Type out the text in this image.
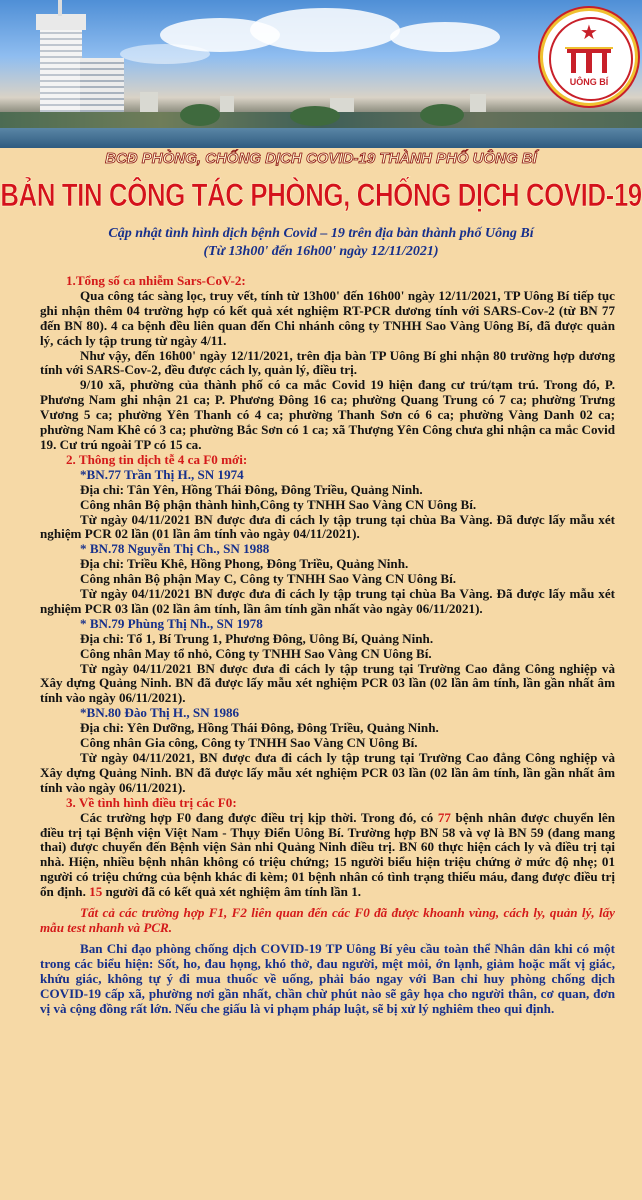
★
UÔNG BÍ
BCĐ PHÒNG, CHỐNG DỊCH COVID-19 THÀNH PHỐ UÔNG BÍ
BẢN TIN CÔNG TÁC PHÒNG, CHỐNG DỊCH COVID-19
Cập nhật tình hình dịch bệnh Covid – 19 trên địa bàn thành phố Uông Bí
(Từ 13h00' đến 16h00' ngày 12/11/2021)

1.Tổng số ca nhiễm Sars-CoV-2:

Qua công tác sàng lọc, truy vết, tính từ 13h00' đến 16h00' ngày 12/11/2021, TP Uông Bí tiếp tục ghi nhận thêm 04 trường hợp có kết quả xét nghiệm RT-PCR dương tính với SARS-Cov-2 (từ BN 77 đến BN 80). 4 ca bệnh đều liên quan đến Chi nhánh công ty TNHH Sao Vàng Uông Bí, đã được quản lý, cách ly tập trung từ ngày 4/11.

Như vậy, đến 16h00' ngày 12/11/2021, trên địa bàn TP Uông Bí ghi nhận 80 trường hợp dương tính với SARS-Cov-2, đều được cách ly, quản lý, điều trị.

9/10 xã, phường của thành phố có ca mắc Covid 19 hiện đang cư trú/tạm trú. Trong đó, P. Phương Nam ghi nhận 21 ca; P. Phương Đông 16 ca; phường Quang Trung có 7 ca; phường Trưng Vương 5 ca; phường Yên Thanh có 4 ca; phường Thanh Sơn có 6 ca; phường Vàng Danh 02 ca; phường Nam Khê có 3 ca; phường Bắc Sơn có 1 ca; xã Thượng Yên Công chưa ghi nhận ca mắc Covid 19. Cư trú ngoài TP có 15 ca.

2. Thông tin dịch tễ 4 ca F0 mới:

*BN.77 Trần Thị H., SN 1974

Địa chỉ: Tân Yên, Hồng Thái Đông, Đông Triều, Quảng Ninh.

Công nhân Bộ phận thành hình,Công ty TNHH Sao Vàng CN Uông Bí.

Từ ngày 04/11/2021 BN được đưa đi cách ly tập trung tại chùa Ba Vàng. Đã được lấy mẫu xét nghiệm PCR 02 lần (01 lần âm tính vào ngày 04/11/2021).

* BN.78 Nguyễn Thị Ch., SN 1988

Địa chỉ: Triều Khê, Hồng Phong, Đông Triều, Quảng Ninh.

Công nhân Bộ phận May C, Công ty TNHH Sao Vàng CN Uông Bí.

Từ ngày 04/11/2021 BN được đưa đi cách ly tập trung tại chùa Ba Vàng. Đã được lấy mẫu xét nghiệm PCR 03 lần (02 lần âm tính, lần âm tính gần nhất vào ngày 06/11/2021).

* BN.79 Phùng Thị Nh., SN 1978

Địa chỉ: Tổ 1, Bí Trung 1, Phương Đông, Uông Bí, Quảng Ninh.

Công nhân May tổ nhỏ, Công ty TNHH Sao Vàng CN Uông Bí.

Từ ngày 04/11/2021 BN được đưa đi cách ly tập trung tại Trường Cao đẳng Công nghiệp và Xây dựng Quảng Ninh. BN đã được lấy mẫu xét nghiệm PCR 03 lần (02 lần âm tính, lần gần nhất âm tính vào ngày 06/11/2021).

*BN.80 Đào Thị H., SN 1986

Địa chỉ: Yên Dưỡng, Hồng Thái Đông, Đông Triều, Quảng Ninh.

Công nhân Gia công, Công ty TNHH Sao Vàng CN Uông Bí.

Từ ngày 04/11/2021, BN được đưa đi cách ly tập trung tại Trường Cao đẳng Công nghiệp và Xây dựng Quảng Ninh. BN đã được lấy mẫu xét nghiệm PCR 03 lần (02 lần âm tính, lần gần nhất âm tính vào ngày 06/11/2021).

3. Về tình hình điều trị các F0:

Các trường hợp F0 đang được điều trị kịp thời. Trong đó, có 77 bệnh nhân được chuyển lên điều trị tại Bệnh viện Việt Nam - Thụy Điển Uông Bí. Trường hợp BN 58 và vợ là BN 59 (đang mang thai) được chuyển đến Bệnh viện Sản nhi Quảng Ninh điều trị. BN 60 thực hiện cách ly và điều trị tại nhà. Hiện, nhiều bệnh nhân không có triệu chứng; 15 người biểu hiện triệu chứng ở mức độ nhẹ; 01 người có triệu chứng của bệnh khác đi kèm; 01 bệnh nhân có tình trạng thiếu máu, đang được điều trị ổn định. 15 người đã có kết quả xét nghiệm âm tính lần 1.

Tất cả các trường hợp F1, F2 liên quan đến các F0 đã được khoanh vùng, cách ly, quản lý, lấy mẫu test nhanh và PCR.

Ban Chỉ đạo phòng chống dịch COVID-19 TP Uông Bí yêu cầu toàn thể Nhân dân khi có một trong các biểu hiện: Sốt, ho, đau họng, khó thở, đau người, mệt mỏi, ớn lạnh, giảm hoặc mất vị giác, khứu giác, không tự ý đi mua thuốc về uống, phải báo ngay với Ban chỉ huy phòng chống dịch COVID-19 cấp xã, phường nơi gần nhất, chần chừ phút nào sẽ gây họa cho người thân, cơ quan, đơn vị và cộng đồng rất lớn. Nếu che giấu là vi phạm pháp luật, sẽ bị xử lý nghiêm theo qui định.
